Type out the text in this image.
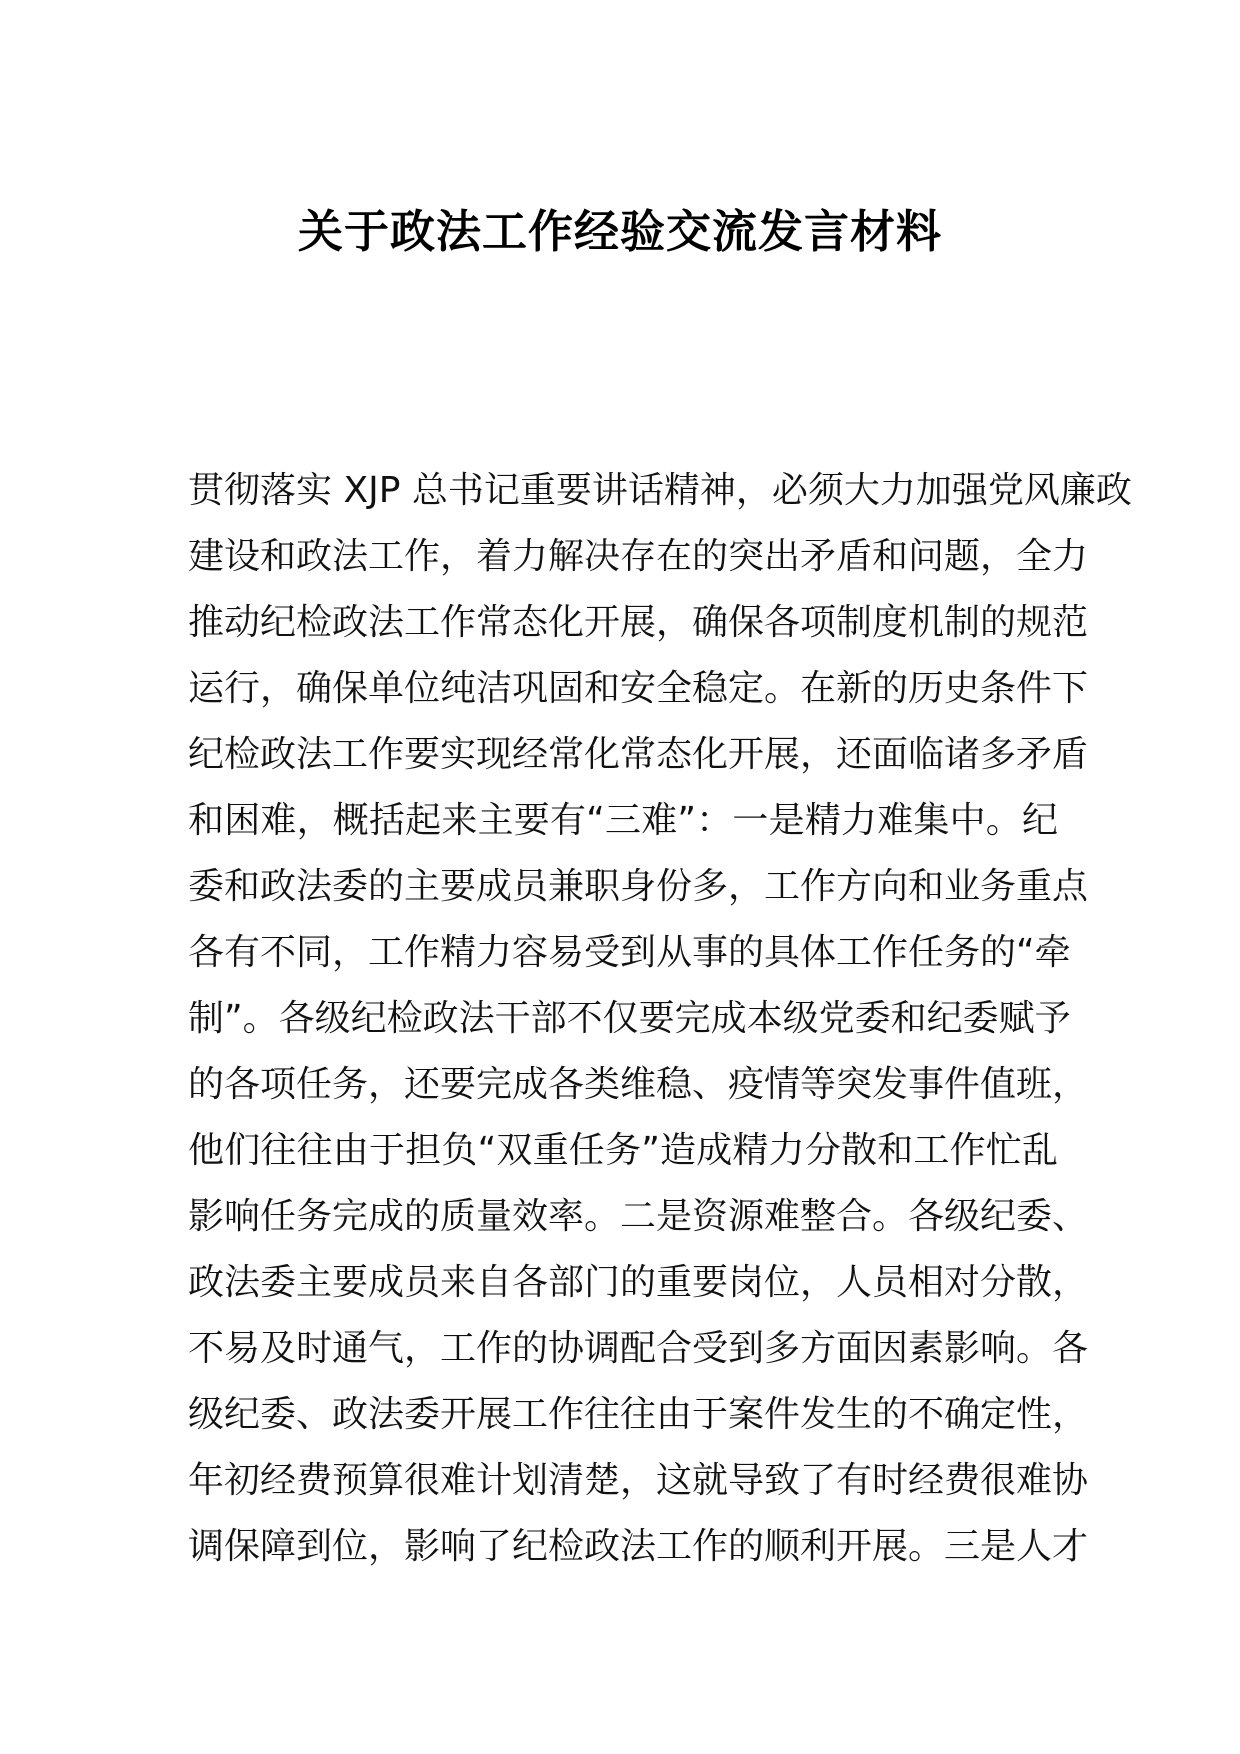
关于政法工作经验交流发言材料
贯彻落实 XJP 总书记重要讲话精神，必须大力加强党风廉政
建设和政法工作，着力解决存在的突出矛盾和问题，全力
推动纪检政法工作常态化开展，确保各项制度机制的规范
运行，确保单位纯洁巩固和安全稳定。在新的历史条件下
纪检政法工作要实现经常化常态化开展，还面临诸多矛盾
和困难，概括起来主要有“三难”：一是精力难集中。纪
委和政法委的主要成员兼职身份多，工作方向和业务重点
各有不同，工作精力容易受到从事的具体工作任务的“牵
制”。各级纪检政法干部不仅要完成本级党委和纪委赋予
的各项任务，还要完成各类维稳、疫情等突发事件值班，
他们往往由于担负“双重任务”造成精力分散和工作忙乱
影响任务完成的质量效率。二是资源难整合。各级纪委、
政法委主要成员来自各部门的重要岗位，人员相对分散，
不易及时通气，工作的协调配合受到多方面因素影响。各
级纪委、政法委开展工作往往由于案件发生的不确定性，
年初经费预算很难计划清楚，这就导致了有时经费很难协
调保障到位，影响了纪检政法工作的顺利开展。三是人才
